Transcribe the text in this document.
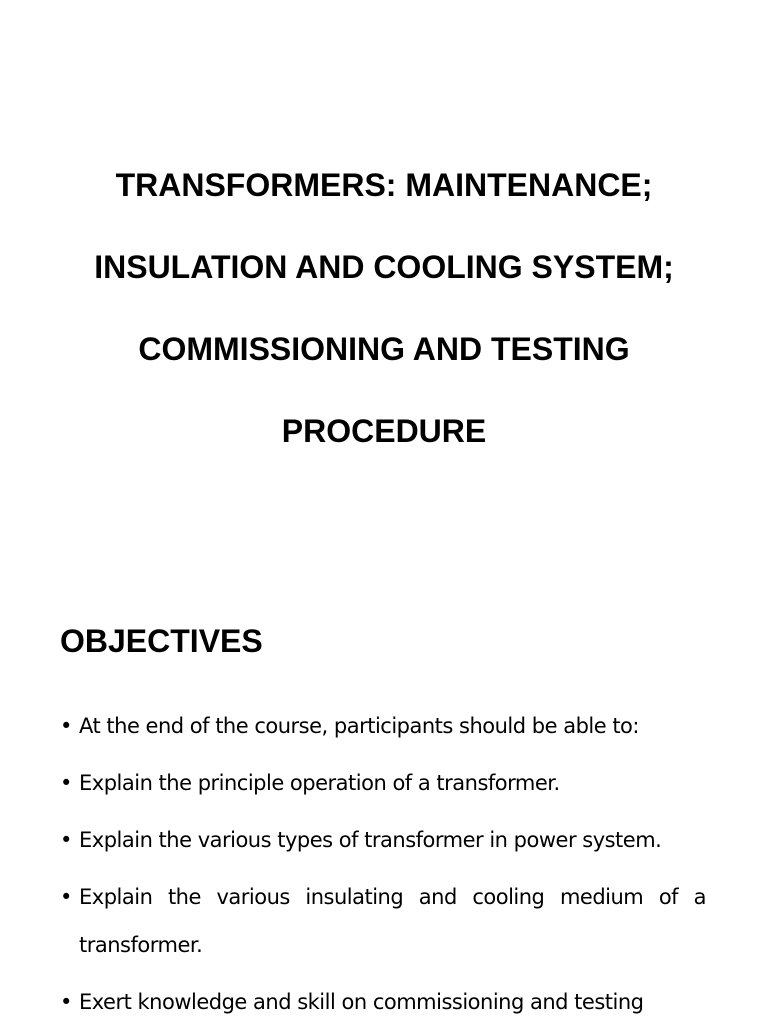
TRANSFORMERS: MAINTENANCE;
INSULATION AND COOLING SYSTEM;
COMMISSIONING AND TESTING
PROCEDURE
OBJECTIVES
• At the end of the course, participants should be able to:
• Explain the principle operation of a transformer.
• Explain the various types of transformer in power system.
• Explain the various insulating and cooling medium of a transformer.
• Exert knowledge and skill on commissioning and testing
